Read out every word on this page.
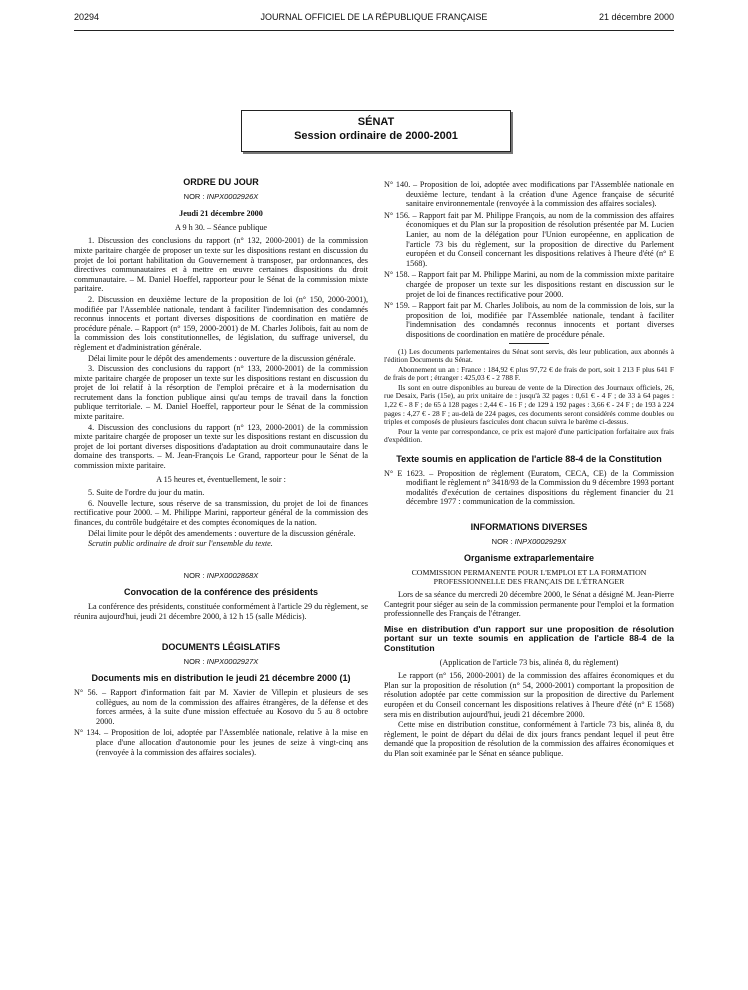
20294	JOURNAL OFFICIEL DE LA RÉPUBLIQUE FRANÇAISE	21 décembre 2000
SÉNAT
Session ordinaire de 2000-2001
ORDRE DU JOUR
NOR : INPX0002926X
Jeudi 21 décembre 2000
A 9 h 30. – Séance publique

1. Discussion des conclusions du rapport (n° 132, 2000-2001) de la commission mixte paritaire chargée de proposer un texte sur les dispositions restant en discussion du projet de loi portant habilitation du Gouvernement à transposer, par ordonnances, des directives communautaires et à mettre en œuvre certaines dispositions du droit communautaire. – M. Daniel Hoeffel, rapporteur pour le Sénat de la commission mixte paritaire.

2. Discussion en deuxième lecture de la proposition de loi (n° 150, 2000-2001), modifiée par l'Assemblée nationale, tendant à faciliter l'indemnisation des condamnés reconnus innocents et portant diverses dispositions de coordination en matière de procédure pénale. – Rapport (n° 159, 2000-2001) de M. Charles Jolibois, fait au nom de la commission des lois constitutionnelles, de législation, du suffrage universel, du règlement et d'administration générale.

Délai limite pour le dépôt des amendements : ouverture de la discussion générale.

3. Discussion des conclusions du rapport (n° 133, 2000-2001) de la commission mixte paritaire chargée de proposer un texte sur les dispositions restant en discussion du projet de loi relatif à la résorption de l'emploi précaire et à la modernisation du recrutement dans la fonction publique ainsi qu'au temps de travail dans la fonction publique territoriale. – M. Daniel Hoeffel, rapporteur pour le Sénat de la commission mixte paritaire.

4. Discussion des conclusions du rapport (n° 123, 2000-2001) de la commission mixte paritaire chargée de proposer un texte sur les dispositions restant en discussion du projet de loi portant diverses dispositions d'adaptation au droit communautaire dans le domaine des transports. – M. Jean-François Le Grand, rapporteur pour le Sénat de la commission mixte paritaire.

A 15 heures et, éventuellement, le soir :

5. Suite de l'ordre du jour du matin.

6. Nouvelle lecture, sous réserve de sa transmission, du projet de loi de finances rectificative pour 2000. – M. Philippe Marini, rapporteur général de la commission des finances, du contrôle budgétaire et des comptes économiques de la nation.

Délai limite pour le dépôt des amendements : ouverture de la discussion générale.

Scrutin public ordinaire de droit sur l'ensemble du texte.

NOR : INPX0002868X
Convocation de la conférence des présidents

La conférence des présidents, constituée conformément à l'article 29 du règlement, se réunira aujourd'hui, jeudi 21 décembre 2000, à 12 h 15 (salle Médicis).

DOCUMENTS LÉGISLATIFS
NOR : INPX0002927X
Documents mis en distribution le jeudi 21 décembre 2000 (1)
N° 56. – Rapport d'information fait par M. Xavier de Villepin et plusieurs de ses collègues, au nom de la commission des affaires étrangères, de la défense et des forces armées, à la suite d'une mission effectuée au Kosovo du 5 au 8 octobre 2000.
N° 134. – Proposition de loi, adoptée par l'Assemblée nationale, relative à la mise en place d'une allocation d'autonomie pour les jeunes de seize à vingt-cinq ans (renvoyée à la commission des affaires sociales).
N° 140. – Proposition de loi, adoptée avec modifications par l'Assemblée nationale en deuxième lecture, tendant à la création d'une Agence française de sécurité sanitaire environnementale (renvoyée à la commission des affaires sociales).
N° 156. – Rapport fait par M. Philippe François, au nom de la commission des affaires économiques et du Plan sur la proposition de résolution présentée par M. Lucien Lanier, au nom de la délégation pour l'Union européenne, en application de l'article 73 bis du règlement, sur la proposition de directive du Parlement européen et du Conseil concernant les dispositions relatives à l'heure d'été (n° E 1568).
N° 158. – Rapport fait par M. Philippe Marini, au nom de la commission mixte paritaire chargée de proposer un texte sur les dispositions restant en discussion sur le projet de loi de finances rectificative pour 2000.
N° 159. – Rapport fait par M. Charles Jolibois, au nom de la commission de lois, sur la proposition de loi, modifiée par l'Assemblée nationale, tendant à faciliter l'indemnisation des condamnés reconnus innocents et portant diverses dispositions de coordination en matière de procédure pénale.

(1) Les documents parlementaires du Sénat sont servis, dès leur publication, aux abonnés à l'édition Documents du Sénat.

Abonnement un an : France : 184,92 € plus 97,72 € de frais de port, soit 1 213 F plus 641 F de frais de port ; étranger : 425,03 € - 2 788 F.

Ils sont en outre disponibles au bureau de vente de la Direction des Journaux officiels, 26, rue Desaix, Paris (15e), au prix unitaire de : jusqu'à 32 pages : 0,61 € - 4 F ; de 33 à 64 pages : 1,22 € - 8 F ; de 65 à 128 pages : 2,44 € - 16 F ; de 129 à 192 pages : 3,66 € - 24 F ; de 193 à 224 pages : 4,27 € - 28 F ; au-delà de 224 pages, ces documents seront considérés comme doubles ou triples et composés de plusieurs fascicules dont chacun suivra le barème ci-dessus.

Pour la vente par correspondance, ce prix est majoré d'une participation forfaitaire aux frais d'expédition.

Texte soumis en application de l'article 88-4 de la Constitution
N° E 1623. – Proposition de règlement (Euratom, CECA, CE) de la Commission modifiant le règlement n° 3418/93 de la Commission du 9 décembre 1993 portant modalités d'exécution de certaines dispositions du règlement financier du 21 décembre 1977 : communication de la commission.
INFORMATIONS DIVERSES
NOR : INPX0002929X
Organisme extraparlementaire
COMMISSION PERMANENTE POUR L'EMPLOI ET LA FORMATION PROFESSIONNELLE DES FRANÇAIS DE L'ÉTRANGER

Lors de sa séance du mercredi 20 décembre 2000, le Sénat a désigné M. Jean-Pierre Cantegrit pour siéger au sein de la commission permanente pour l'emploi et la formation professionnelle des Français de l'étranger.

Mise en distribution d'un rapport sur une proposition de résolution portant sur un texte soumis en application de l'article 88-4 de la Constitution
(Application de l'article 73 bis, alinéa 8, du règlement)

Le rapport (n° 156, 2000-2001) de la commission des affaires économiques et du Plan sur la proposition de résolution (n° 54, 2000-2001) comportant la proposition de résolution adoptée par cette commission sur la proposition de directive du Parlement européen et du Conseil concernant les dispositions relatives à l'heure d'été (n° E 1568) sera mis en distribution aujourd'hui, jeudi 21 décembre 2000.

Cette mise en distribution constitue, conformément à l'article 73 bis, alinéa 8, du règlement, le point de départ du délai de dix jours francs pendant lequel il peut être demandé que la proposition de résolution de la commission des affaires économiques et du Plan soit examinée par le Sénat en séance publique.
